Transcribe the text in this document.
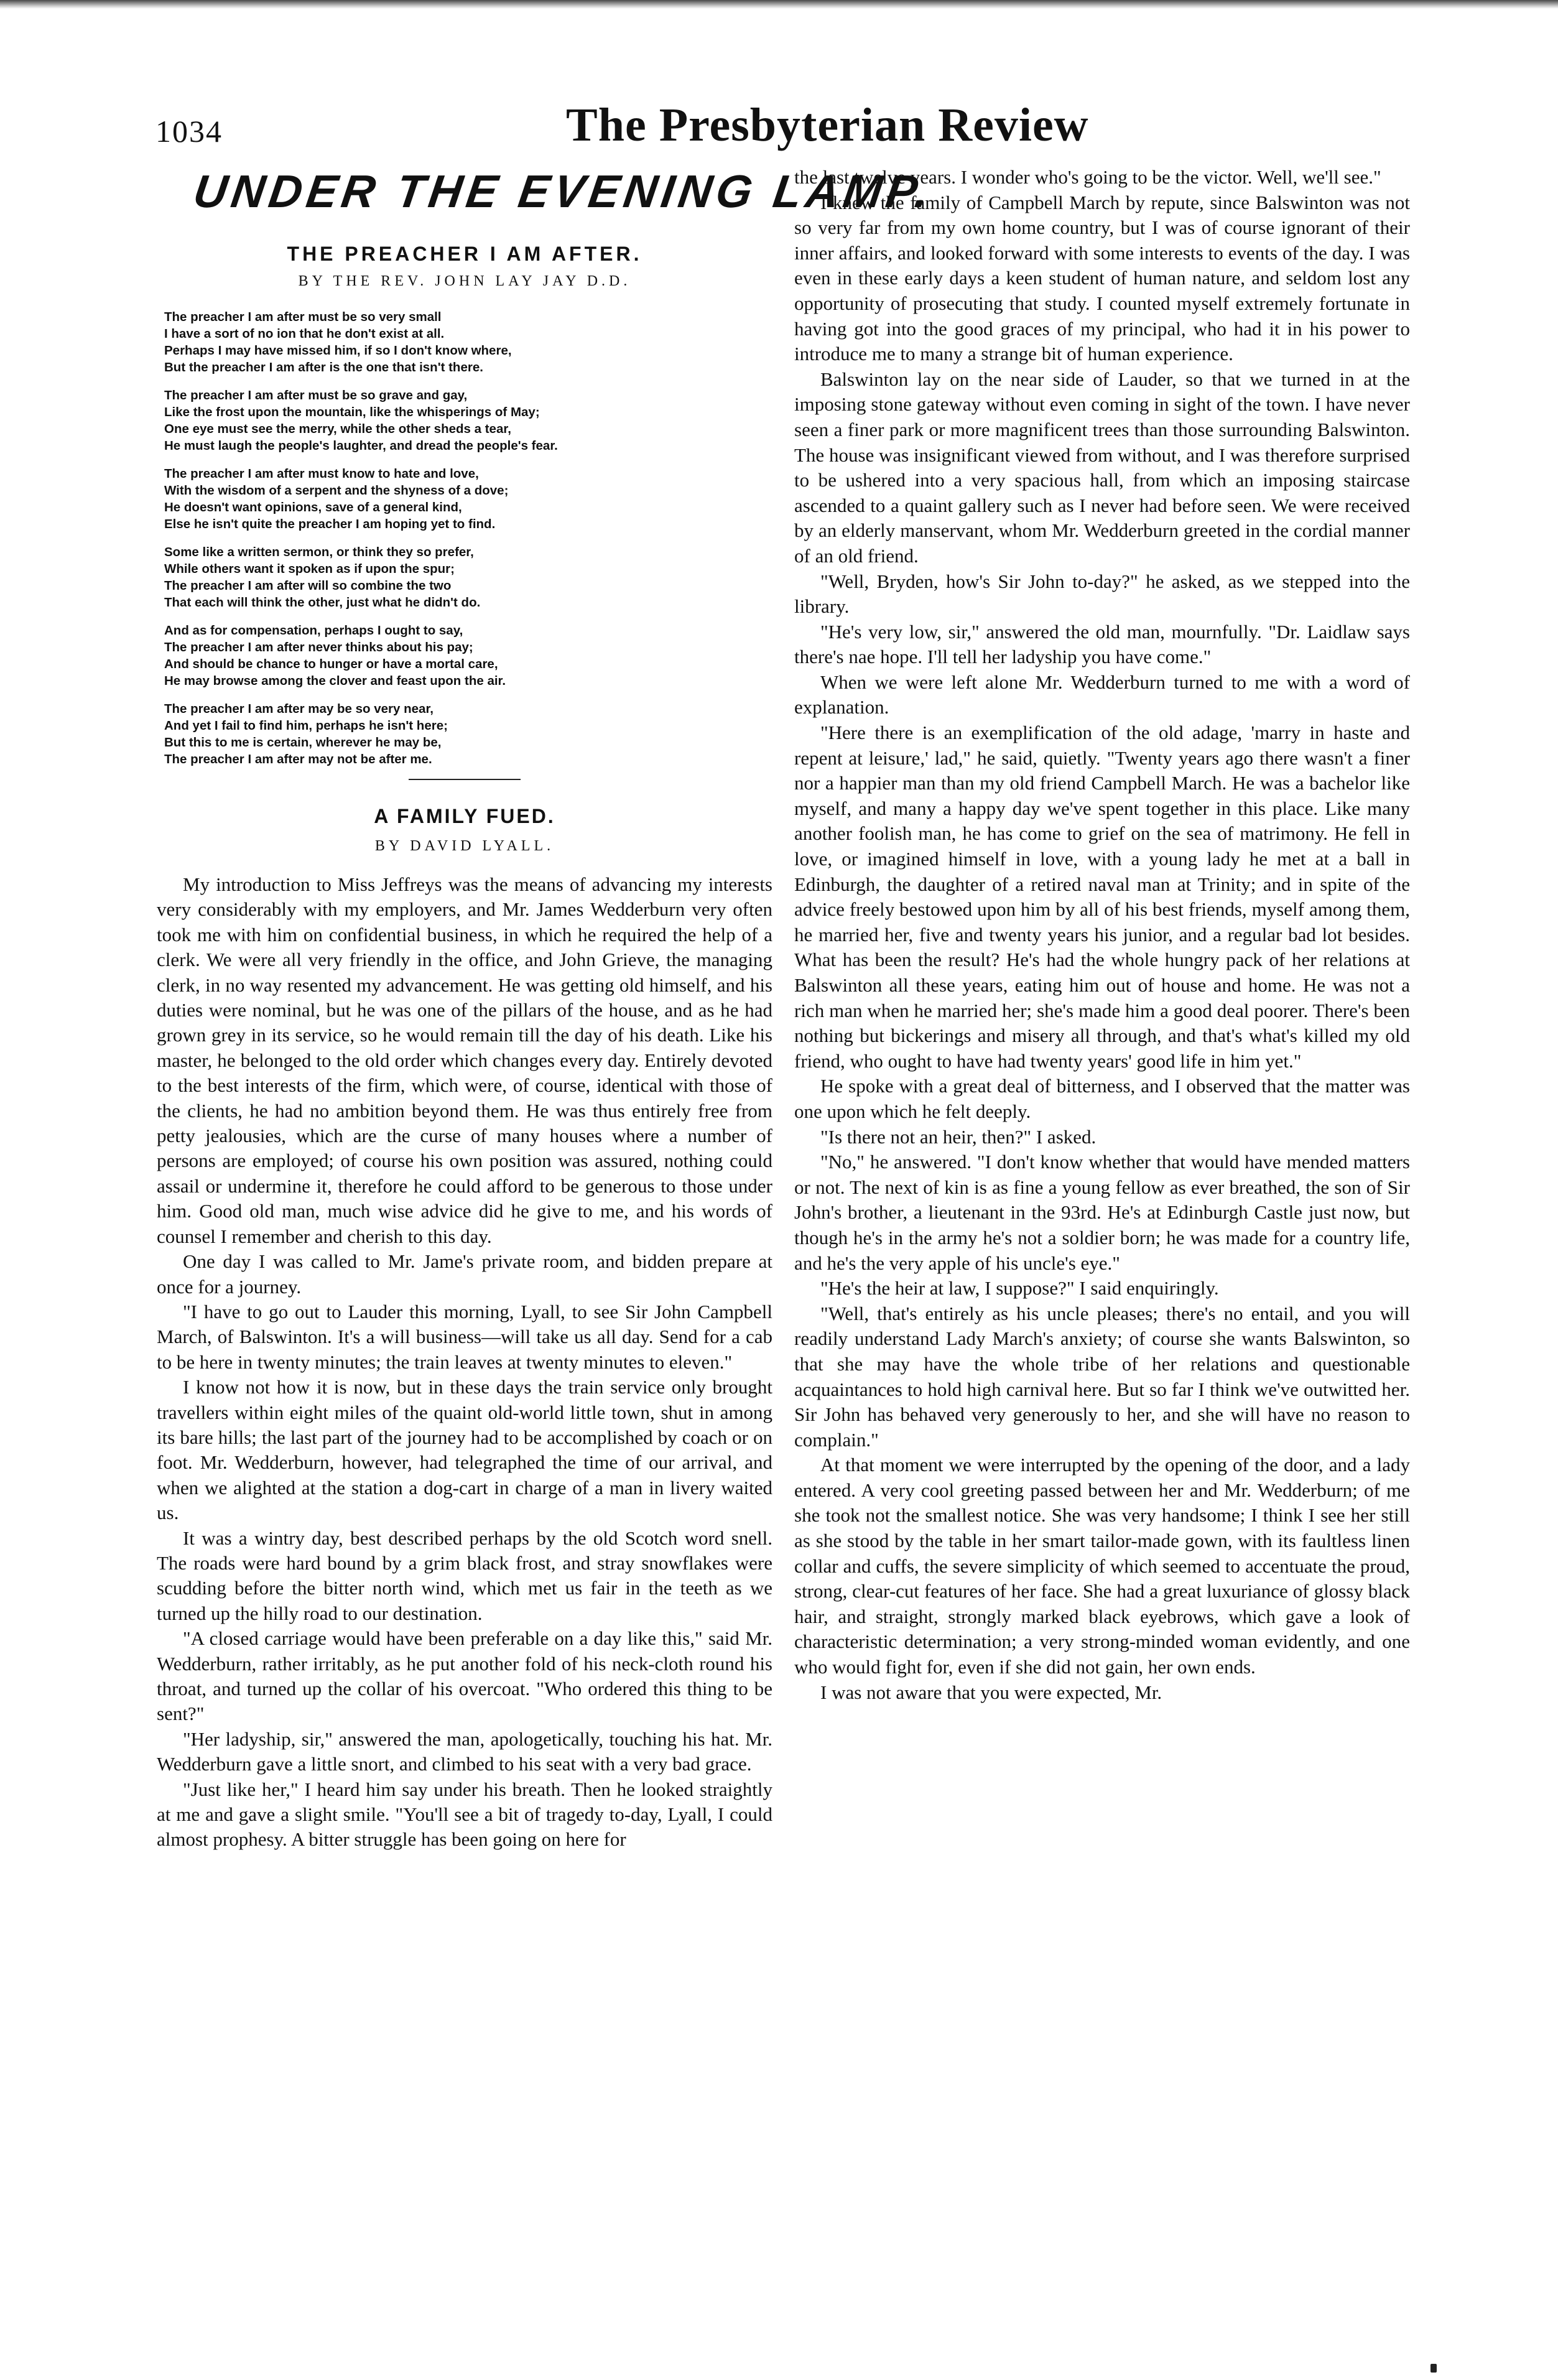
1034	The Presbyterian Review
UNDER THE EVENING LAMP.
THE PREACHER I AM AFTER.
BY THE REV. JOHN LAY JAY D.D.
The preacher I am after must be so very small
I have a sort of no ion that he don't exist at all.
Perhaps I may have missed him, if so I don't know where,
But the preacher I am after is the one that isn't there.
The preacher I am after must be so grave and gay,
Like the frost upon the mountain, like the whisperings of May;
One eye must see the merry, while the other sheds a tear,
He must laugh the people's laughter, and dread the people's fear.
The preacher I am after must know to hate and love,
With the wisdom of a serpent and the shyness of a dove;
He doesn't want opinions, save of a general kind,
Else he isn't quite the preacher I am hoping yet to find.
Some like a written sermon, or think they so prefer,
While others want it spoken as if upon the spur;
The preacher I am after will so combine the two
That each will think the other, just what he didn't do.
And as for compensation, perhaps I ought to say,
The preacher I am after never thinks about his pay;
And should be chance to hunger or have a mortal care,
He may browse among the clover and feast upon the air.
The preacher I am after may be so very near,
And yet I fail to find him, perhaps he isn't here;
But this to me is certain, wherever he may be,
The preacher I am after may not be after me.
A FAMILY FUED.
BY DAVID LYALL.

My introduction to Miss Jeffreys was the means of advancing my interests very considerably with my employers, and Mr. James Wedderburn very often took me with him on confidential business, in which he required the help of a clerk. We were all very friendly in the office, and John Grieve, the managing clerk, in no way resented my advancement. He was getting old himself, and his duties were nominal, but he was one of the pillars of the house, and as he had grown grey in its service, so he would remain till the day of his death. Like his master, he belonged to the old order which changes every day. Entirely devoted to the best interests of the firm, which were, of course, identical with those of the clients, he had no ambition beyond them. He was thus entirely free from petty jealousies, which are the curse of many houses where a number of persons are employed; of course his own position was assured, nothing could assail or undermine it, therefore he could afford to be generous to those under him. Good old man, much wise advice did he give to me, and his words of counsel I remember and cherish to this day.

One day I was called to Mr. Jame's private room, and bidden prepare at once for a journey.

"I have to go out to Lauder this morning, Lyall, to see Sir John Campbell March, of Balswinton. It's a will business—will take us all day. Send for a cab to be here in twenty minutes; the train leaves at twenty minutes to eleven."

I know not how it is now, but in these days the train service only brought travellers within eight miles of the quaint old-world little town, shut in among its bare hills; the last part of the journey had to be accomplished by coach or on foot. Mr. Wedderburn, however, had telegraphed the time of our arrival, and when we alighted at the station a dog-cart in charge of a man in livery waited us.

It was a wintry day, best described perhaps by the old Scotch word snell. The roads were hard bound by a grim black frost, and stray snowflakes were scudding before the bitter north wind, which met us fair in the teeth as we turned up the hilly road to our destination.

"A closed carriage would have been preferable on a day like this," said Mr. Wedderburn, rather irritably, as he put another fold of his neck-cloth round his throat, and turned up the collar of his overcoat. "Who ordered this thing to be sent?"

"Her ladyship, sir," answered the man, apologetically, touching his hat. Mr. Wedderburn gave a little snort, and climbed to his seat with a very bad grace.

"Just like her," I heard him say under his breath. Then he looked straightly at me and gave a slight smile. "You'll see a bit of tragedy to-day, Lyall, I could almost prophesy. A bitter struggle has been going on here for

the last twelve years. I wonder who's going to be the victor. Well, we'll see."

I knew the family of Campbell March by repute, since Balswinton was not so very far from my own home country, but I was of course ignorant of their inner affairs, and looked forward with some interests to events of the day. I was even in these early days a keen student of human nature, and seldom lost any opportunity of prosecuting that study. I counted myself extremely fortunate in having got into the good graces of my principal, who had it in his power to introduce me to many a strange bit of human experience.

Balswinton lay on the near side of Lauder, so that we turned in at the imposing stone gateway without even coming in sight of the town. I have never seen a finer park or more magnificent trees than those surrounding Balswinton. The house was insignificant viewed from without, and I was therefore surprised to be ushered into a very spacious hall, from which an imposing staircase ascended to a quaint gallery such as I never had before seen. We were received by an elderly manservant, whom Mr. Wedderburn greeted in the cordial manner of an old friend.

"Well, Bryden, how's Sir John to-day?" he asked, as we stepped into the library.

"He's very low, sir," answered the old man, mournfully. "Dr. Laidlaw says there's nae hope. I'll tell her ladyship you have come."

When we were left alone Mr. Wedderburn turned to me with a word of explanation.

"Here there is an exemplification of the old adage, 'marry in haste and repent at leisure,' lad," he said, quietly. "Twenty years ago there wasn't a finer nor a happier man than my old friend Campbell March. He was a bachelor like myself, and many a happy day we've spent together in this place. Like many another foolish man, he has come to grief on the sea of matrimony. He fell in love, or imagined himself in love, with a young lady he met at a ball in Edinburgh, the daughter of a retired naval man at Trinity; and in spite of the advice freely bestowed upon him by all of his best friends, myself among them, he married her, five and twenty years his junior, and a regular bad lot besides. What has been the result? He's had the whole hungry pack of her relations at Balswinton all these years, eating him out of house and home. He was not a rich man when he married her; she's made him a good deal poorer. There's been nothing but bickerings and misery all through, and that's what's killed my old friend, who ought to have had twenty years' good life in him yet."

He spoke with a great deal of bitterness, and I observed that the matter was one upon which he felt deeply.

"Is there not an heir, then?" I asked.

"No," he answered. "I don't know whether that would have mended matters or not. The next of kin is as fine a young fellow as ever breathed, the son of Sir John's brother, a lieutenant in the 93rd. He's at Edinburgh Castle just now, but though he's in the army he's not a soldier born; he was made for a country life, and he's the very apple of his uncle's eye."

"He's the heir at law, I suppose?" I said enquiringly.

"Well, that's entirely as his uncle pleases; there's no entail, and you will readily understand Lady March's anxiety; of course she wants Balswinton, so that she may have the whole tribe of her relations and questionable acquaintances to hold high carnival here. But so far I think we've outwitted her. Sir John has behaved very generously to her, and she will have no reason to complain."

At that moment we were interrupted by the opening of the door, and a lady entered. A very cool greeting passed between her and Mr. Wedderburn; of me she took not the smallest notice. She was very handsome; I think I see her still as she stood by the table in her smart tailor-made gown, with its faultless linen collar and cuffs, the severe simplicity of which seemed to accentuate the proud, strong, clear-cut features of her face. She had a great luxuriance of glossy black hair, and straight, strongly marked black eyebrows, which gave a look of characteristic determination; a very strong-minded woman evidently, and one who would fight for, even if she did not gain, her own ends.

I was not aware that you were expected, Mr.
